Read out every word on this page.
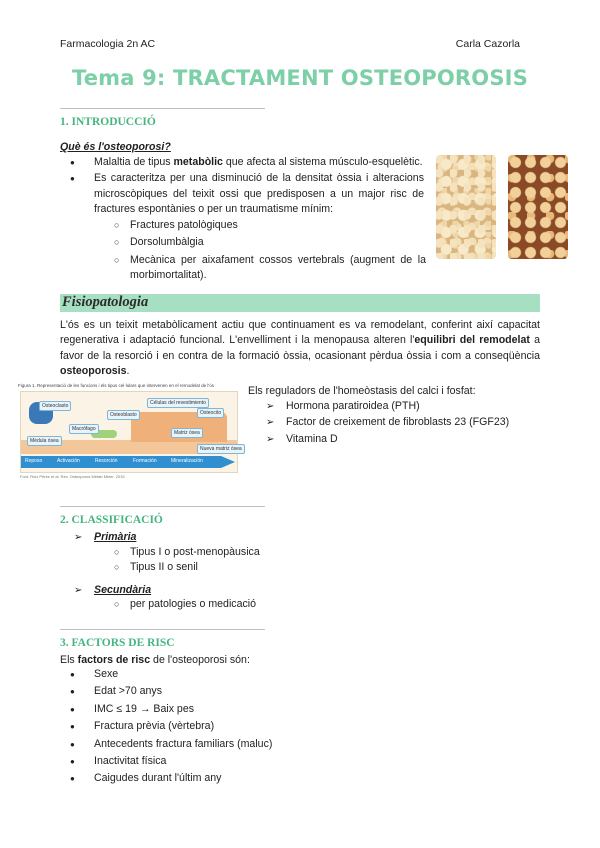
Farmacologia 2n AC	Carla Cazorla
Tema 9: TRACTAMENT OSTEOPOROSIS
1. INTRODUCCIÓ
Què és l'osteoporosi?
● Malaltia de tipus metabòlic que afecta al sistema músculo-esquelètic.
● Es caracteritza per una disminució de la densitat òssia i alteracions microscòpiques del teixit ossi que predisposen a un major risc de fractures espontànies o per un traumatisme mínim:
○ Fractures patològiques
○ Dorsolumbàlgia
○ Mecànica per aixafament cossos vertebrals (augment de la morbimortalitat).
Fisiopatologia
L'ós es un teixit metabòlicament actiu que continuament es va remodelant, conferint així capacitat regenerativa i adaptació funcional. L'envelliment i la menopausa alteren l'equilibri del remodelat a favor de la resorció i en contra de la formació òssia, ocasionant pèrdua òssia i com a conseqüència osteoporosis.
Figura 1. Representació de les funcions i els tipus cel·lulars que intervenen en el remodelat de l'ós
Osteoclasto
Osteoblasto
Macrófago
Células del revestimiento
Osteocito
Matriz ósea
Nueva matriz ósea
Médula ósea
Reposo	Activación	Resorción	Formación	Mineralización
Font: Ruiz Pérez et al. Rev. Osteoporos Metab Miner. 2015
Els reguladors de l'homeòstasis del calci i fosfat:
➢ Hormona paratiroidea (PTH)
➢ Factor de creixement de fibroblasts 23 (FGF23)
➢ Vitamina D
2. CLASSIFICACIÓ
➢ Primària
○ Tipus I o post-menopàusica
○ Tipus II o senil
➢ Secundària
○ per patologies o medicació
3. FACTORS DE RISC
Els factors de risc de l'osteoporosi són:
● Sexe
● Edat >70 anys
● IMC ≤ 19 → Baix pes
● Fractura prèvia (vèrtebra)
● Antecedents fractura familiars (maluc)
● Inactivitat física
● Caigudes durant l'últim any
